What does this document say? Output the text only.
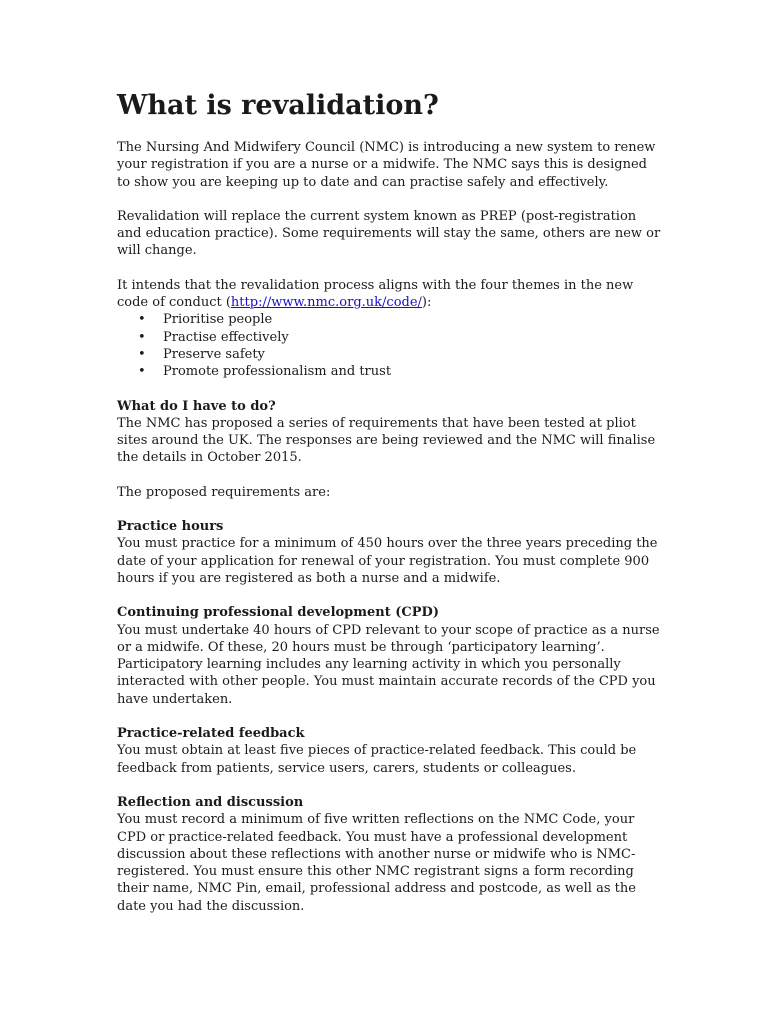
What is revalidation?

The Nursing And Midwifery Council (NMC) is introducing a new system to renew your registration if you are a nurse or a midwife. The NMC says this is designed to show you are keeping up to date and can practise safely and effectively.

Revalidation will replace the current system known as PREP (post-registration and education practice). Some requirements will stay the same, others are new or will change.

It intends that the revalidation process aligns with the four themes in the new code of conduct (http://www.nmc.org.uk/code/):

• Prioritise people
• Practise effectively
• Preserve safety
• Promote professionalism and trust

What do I have to do?

The NMC has proposed a series of requirements that have been tested at pliot sites around the UK. The responses are being reviewed and the NMC will finalise the details in October 2015.

The proposed requirements are:

Practice hours

You must practice for a minimum of 450 hours over the three years preceding the date of your application for renewal of your registration. You must complete 900 hours if you are registered as both a nurse and a midwife.

Continuing professional development (CPD)

You must undertake 40 hours of CPD relevant to your scope of practice as a nurse or a midwife. Of these, 20 hours must be through ‘participatory learning’. Participatory learning includes any learning activity in which you personally interacted with other people. You must maintain accurate records of the CPD you have undertaken.

Practice-related feedback

You must obtain at least five pieces of practice-related feedback. This could be feedback from patients, service users, carers, students or colleagues.

Reflection and discussion

You must record a minimum of five written reflections on the NMC Code, your CPD or practice-related feedback. You must have a professional development discussion about these reflections with another nurse or midwife who is NMC-registered. You must ensure this other NMC registrant signs a form recording their name, NMC Pin, email, professional address and postcode, as well as the date you had the discussion.
